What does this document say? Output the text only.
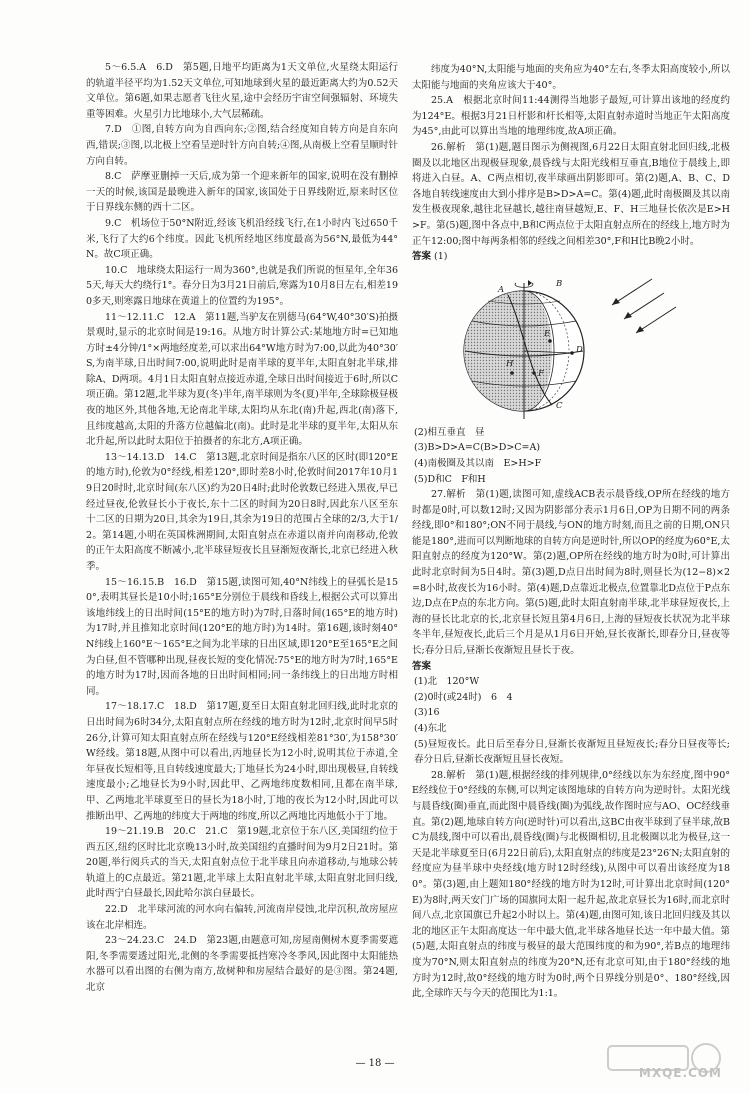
5～6.5.A　6.D　第5题,日地平均距离为1天文单位,火星绕太阳运行的轨道半径平均为1.52天文单位,可知地球到火星的最近距离大约为0.52天文单位。第6题,如果志愿者飞往火星,途中会经历宇宙空间强辐射、环境失重等困难。火星引力比地球小,大气层稀疏。

7.D　①图,自转方向为自西向东;②图,结合经度知自转方向是自东向西,错误;③图,以北极上空看呈逆时针方向自转;④图,从南极上空看呈顺时针方向自转。

8.C　萨摩亚删掉一天后,成为第一个迎来新年的国家,说明在没有删掉一天的时候,该国是最晚进入新年的国家,该国处于日界线附近,原来时区位于日界线东侧的西十二区。

9.C　机场位于50°N附近,经该飞机沿经线飞行,在1小时内飞过650千米,飞行了大约6个纬度。因此飞机所经地区纬度最高为56°N,最低为44°N。故C项正确。

10.C　地球绕太阳运行一周为360°,也就是我们所说的恒星年,全年365天,每天大约绕行1°。春分日为3月21日前后,寒露为10月8日左右,相差190多天,则寒露日地球在黄道上的位置约为195°。

11～12.11.C　12.A　第11题,当驴友在别德马(64°W,40°30′S)拍摄景观时,显示的北京时间是19:16。从地方时计算公式:某地地方时=已知地方时±4分钟/1°×两地经度差,可以求出64°W地方时为7:00,以此为40°30′S,为南半球,日出时间7:00,说明此时是南半球的夏半年,太阳直射北半球,排除A、D两项。4月1日太阳直射点接近赤道,全球日出时间接近于6时,所以C项正确。第12题,北半球为夏(冬)半年,南半球则为冬(夏)半年,全球除极昼极夜的地区外,其他各地,无论南北半球,太阳均从东北(南)升起,西北(南)落下,且纬度越高,太阳的升落方位越偏北(南)。此时是北半球的夏半年,太阳从东北升起,所以此时太阳位于拍摄者的东北方,A项正确。

13～14.13.D　14.C　第13题,北京时间是指东八区的区时(即120°E的地方时),伦敦为0°经线,相差120°,即时差8小时,伦敦时间2017年10月19日20时时,北京时间(东八区)约为20日4时;此时伦敦数已经进入黑夜,早已经过昼夜,伦敦昼长小于夜长,东十二区的时间为20日8时,因此东八区至东十二区的日期为20日,其余为19日,其余为19日的范围占全球的2/3,大于1/2。第14题,小明在英国株洲期间,太阳直射点在赤道以南并向南移动,伦敦的正午太阳高度不断减小,北半球昼短夜长且昼渐短夜渐长,北京已经进入秋季。

15～16.15.B　16.D　第15题,读图可知,40°N纬线上的昼弧长是150°,表明其昼长是10小时;165°E分别位于晨线和昏线上,根据公式可以算出该地纬线上的日出时间(15°E的地方时)为7时,日落时间(165°E的地方时)为17时,并且推知北京时间(120°E的地方时)为14时。第16题,该时刻40°N纬线上160°E～165°E之间为北半球的日出区域,即120°E至165°E之间为白昼,但不管哪种出现,昼夜长短的变化情况:75°E的地方时为7时,165°E的地方时为17时,因而各地的日出时间相同;同一条纬线上的日出地方时相同。

17～18.17.C　18.D　第17题,夏至日太阳直射北回归线,此时北京的日出时间为6时34分,太阳直射点所在经线的地方时为12时,北京时间早5时26分,计算可知太阳直射点所在经线与120°E经线相差81°30′,为158°30′W经线。第18题,从图中可以看出,丙地昼长为12小时,说明其位于赤道,全年昼夜长短相等,且自转线速度最大;丁地昼长为24小时,即出现极昼,自转线速度最小;乙地昼长为9小时,因此甲、乙两地纬度数相同,且都在南半球,甲、乙两地北半球夏至日的昼长为18小时,丁地的夜长为12小时,因此可以推断出甲、乙两地的纬度大于两地的纬度,所以乙两地比丙地低小于丁地。

19～21.19.B　20.C　21.C　第19题,北京位于东八区,美国纽约位于西五区,纽约区时比北京晚13小时,故美国纽约直播时间为9月2日21时。第20题,举行阅兵式的当天,太阳直射点位于北半球且向赤道移动,与地球公转轨道上的C点最近。第21题,北半球上太阳直射北半球,太阳直射北回归线,此时西宁白昼最长,因此哈尔滨白昼最长。

22.D　北半球河流的河水向右偏转,河流南岸侵蚀,北岸沉积,故房屋应该在北岸相连。

23～24.23.C　24.D　第23题,由题意可知,房屋南侧树木夏季需要遮阳,冬季需要透过阳光,北侧的冬季需要抵挡寒冷冬季风,因此图中太阳能热水器可以看出图的右侧为南方,故树种和房屋结合最好的是③图。第24题,北京

纬度为40°N,太阳能与地面的夹角应为40°左右,冬季太阳高度较小,所以太阳能与地面的夹角应该大于40°。

25.A　根据北京时间11:44测得当地影子最短,可计算出该地的经度约为124°E。根据3月21日杆影和杆长相等,太阳直射赤道时当地正午太阳高度为45°,由此可以算出当地的地理纬度,故A项正确。

26.解析　第(1)题,题目图示为侧视图,6月22日太阳直射北回归线,北极圈及以北地区出现极昼现象,晨昏线与太阳光线相互垂直,B地位于晨线上,即将进入白昼。A、C两点相切,夜半球画出阴影即可。第(2)题,A、B、C、D各地自转线速度由大到小排序是B>D>A=C。第(4)题,此时南极圈及其以南发生极夜现象,越往北昼越长,越往南昼越短,E、F、H三地昼长依次是E>H>F。第(5)题,图中各点中,B和C两点位于太阳直射点所在的经线上,地方时为正午12:00;图中每两条相邻的经线之间相差30°,F和H比B晚2小时。

答案 (1)

A
B
C
D
E
F
H
(2)相互垂直　昼
(3)B>D>A=C(B>D>C=A)
(4)南极圈及其以南　E>H>F
(5)D和C　F和H

27.解析　第(1)题,读图可知,虚线ACB表示晨昏线,OP所在经线的地方时都是0时,可以数12时;又因为阴影部分表示1月6日,OP为日期不同的两条经线,即0°和180°;ON不同于晨线,与ON的地方时刻,而且之前的日期,ON只能是180°,进而可以判断地球的自转方向是逆时针,所以OP的经度为60°E,太阳直射点的经度为120°W。第(2)题,OP所在经线的地方时为0时,可计算出此时北京时间为5日4时。第(3)题,D点日出时间为8时,则昼长为(12−8)×2=8小时,故夜长为16小时。第(4)题,D点靠近北极点,位置靠北D点位于P点东边,D点在P点的东北方向。第(5)题,此时太阳直射南半球,北半球昼短夜长,上海的昼长比北京的长,北京昼长短且第4月6日,上海的昼短夜长状况为北半球冬半年,昼短夜长,此后三个月是从1月6日开始,昼长夜渐长,即春分日,昼夜等长;春分日后,昼渐长夜渐短且昼长于夜。

答案

(1)北　120°W
(2)0时(或24时)　6　4
(3)16
(4)东北
(5)昼短夜长。此日后至春分日,昼渐长夜渐短且昼短夜长;春分日昼夜等长;春分日后,昼渐长夜渐短且昼长夜短。

28.解析　第(1)题,根据经线的排列规律,0°经线以东为东经度,图中90°E经线位于0°经线的东侧,可以判定该图地球的自转方向为逆时针。太阳光线与晨昏线(圈)垂直,而此图中晨昏线(圈)为弧线,故作图时应与AO、OC经线垂直。第(2)题,地球自转方向(逆时针)可以看出,这BC由夜半球到了昼半球,故BC为晨线,图中可以看出,晨昏线(圈)与北极圈相切,且北极圈以北为极昼,这一天是北半球夏至日(6月22日前后),太阳直射点的纬度是23°26′N;太阳直射的经度应为昼半球中央经线(地方时12时经线),从图中可以看出该经度为180°。第(3)题,由上题知180°经线的地方时为12时,可计算出北京时间(120°E)为8时,两天安门广场的国旗同太阳一起升起,故北京昼长为16时,而北京时间八点,北京国旗已升起2小时以上。第(4)题,由图可知,该日北回归线及其以北的地区正午太阳高度达一年中最大值,北半球各地昼长达一年中最大值。第(5)题,太阳直射点的纬度与极昼的最大范围纬度的和为90°,若B点的地理纬度为70°N,则太阳直射点的纬度为20°N,还有北京可知,由于180°经线的地方时为12时,故0°经线的地方时为0时,两个日界线分别是0°、180°经线,因此,全球昨天与今天的范围比为1:1。

— 18 —
MXQE.COM
